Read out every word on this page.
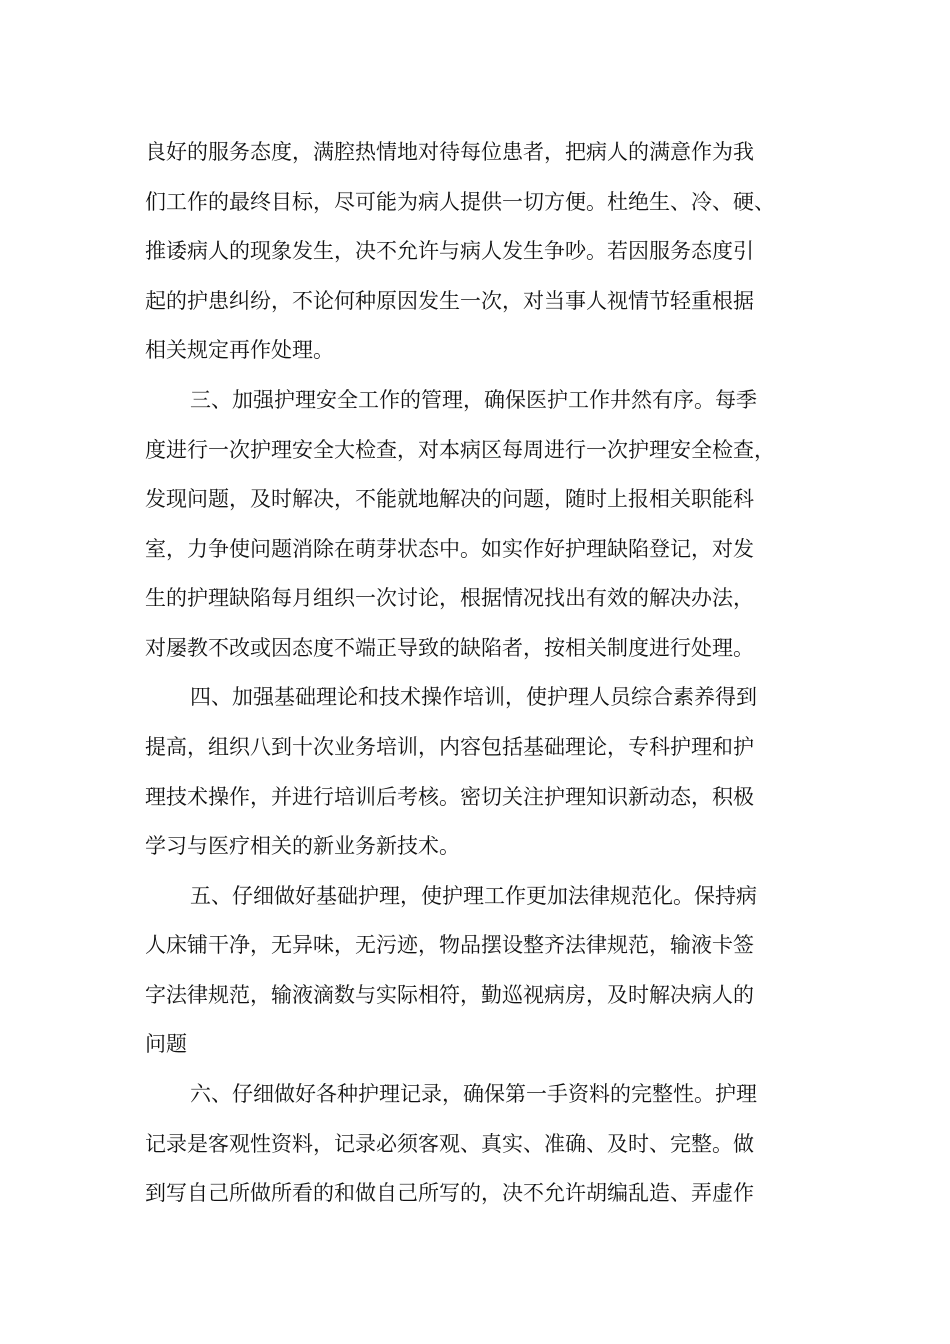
良好的服务态度，满腔热情地对待每位患者，把病人的满意作为我
们工作的最终目标，尽可能为病人提供一切方便。杜绝生、冷、硬、
推诿病人的现象发生，决不允许与病人发生争吵。若因服务态度引
起的护患纠纷，不论何种原因发生一次，对当事人视情节轻重根据
相关规定再作处理。
三、加强护理安全工作的管理，确保医护工作井然有序。每季
度进行一次护理安全大检查，对本病区每周进行一次护理安全检查，
发现问题，及时解决，不能就地解决的问题，随时上报相关职能科
室，力争使问题消除在萌芽状态中。如实作好护理缺陷登记，对发
生的护理缺陷每月组织一次讨论，根据情况找出有效的解决办法，
对屡教不改或因态度不端正导致的缺陷者，按相关制度进行处理。
四、加强基础理论和技术操作培训，使护理人员综合素养得到
提高，组织八到十次业务培训，内容包括基础理论，专科护理和护
理技术操作，并进行培训后考核。密切关注护理知识新动态，积极
学习与医疗相关的新业务新技术。
五、仔细做好基础护理，使护理工作更加法律规范化。保持病
人床铺干净，无异味，无污迹，物品摆设整齐法律规范，输液卡签
字法律规范，输液滴数与实际相符，勤巡视病房，及时解决病人的
问题
六、仔细做好各种护理记录，确保第一手资料的完整性。护理
记录是客观性资料，记录必须客观、真实、准确、及时、完整。做
到写自己所做所看的和做自己所写的，决不允许胡编乱造、弄虚作
